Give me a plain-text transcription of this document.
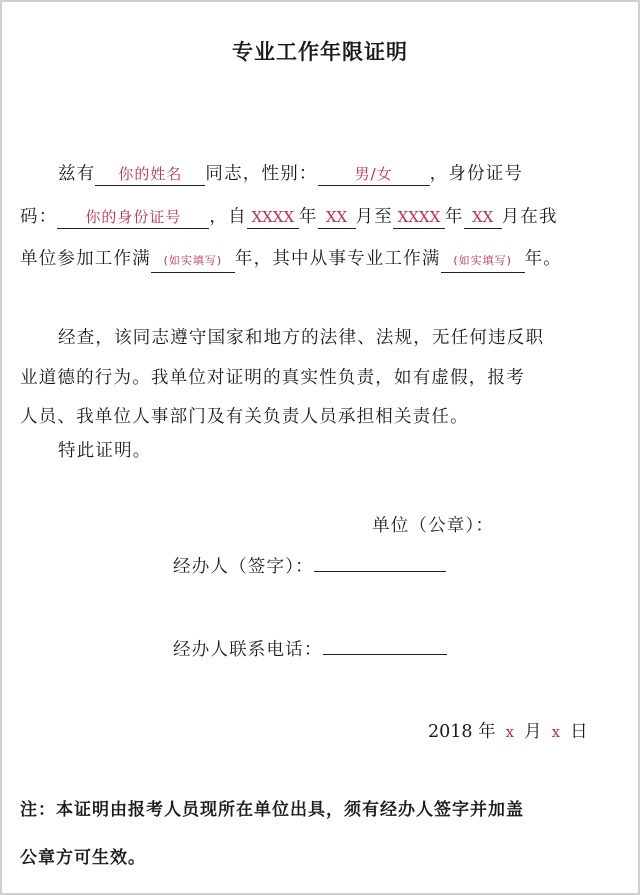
专业工作年限证明
兹有 你的姓名 同志，性别： 男/女 ，身份证号
码： 你的身份证号 ，自 XXXX 年 XX 月至 XXXX 年 XX 月在我
单位参加工作满 (如实填写) 年，其中从事专业工作满 (如实填写) 年。
经查，该同志遵守国家和地方的法律、法规，无任何违反职
业道德的行为。我单位对证明的真实性负责，如有虚假，报考
人员、我单位人事部门及有关负责人员承担相关责任。
特此证明。
单位（公章）：
经办人（签字）：
经办人联系电话：
2018 年 x 月 x 日
注：本证明由报考人员现所在单位出具，须有经办人签字并加盖
公章方可生效。
